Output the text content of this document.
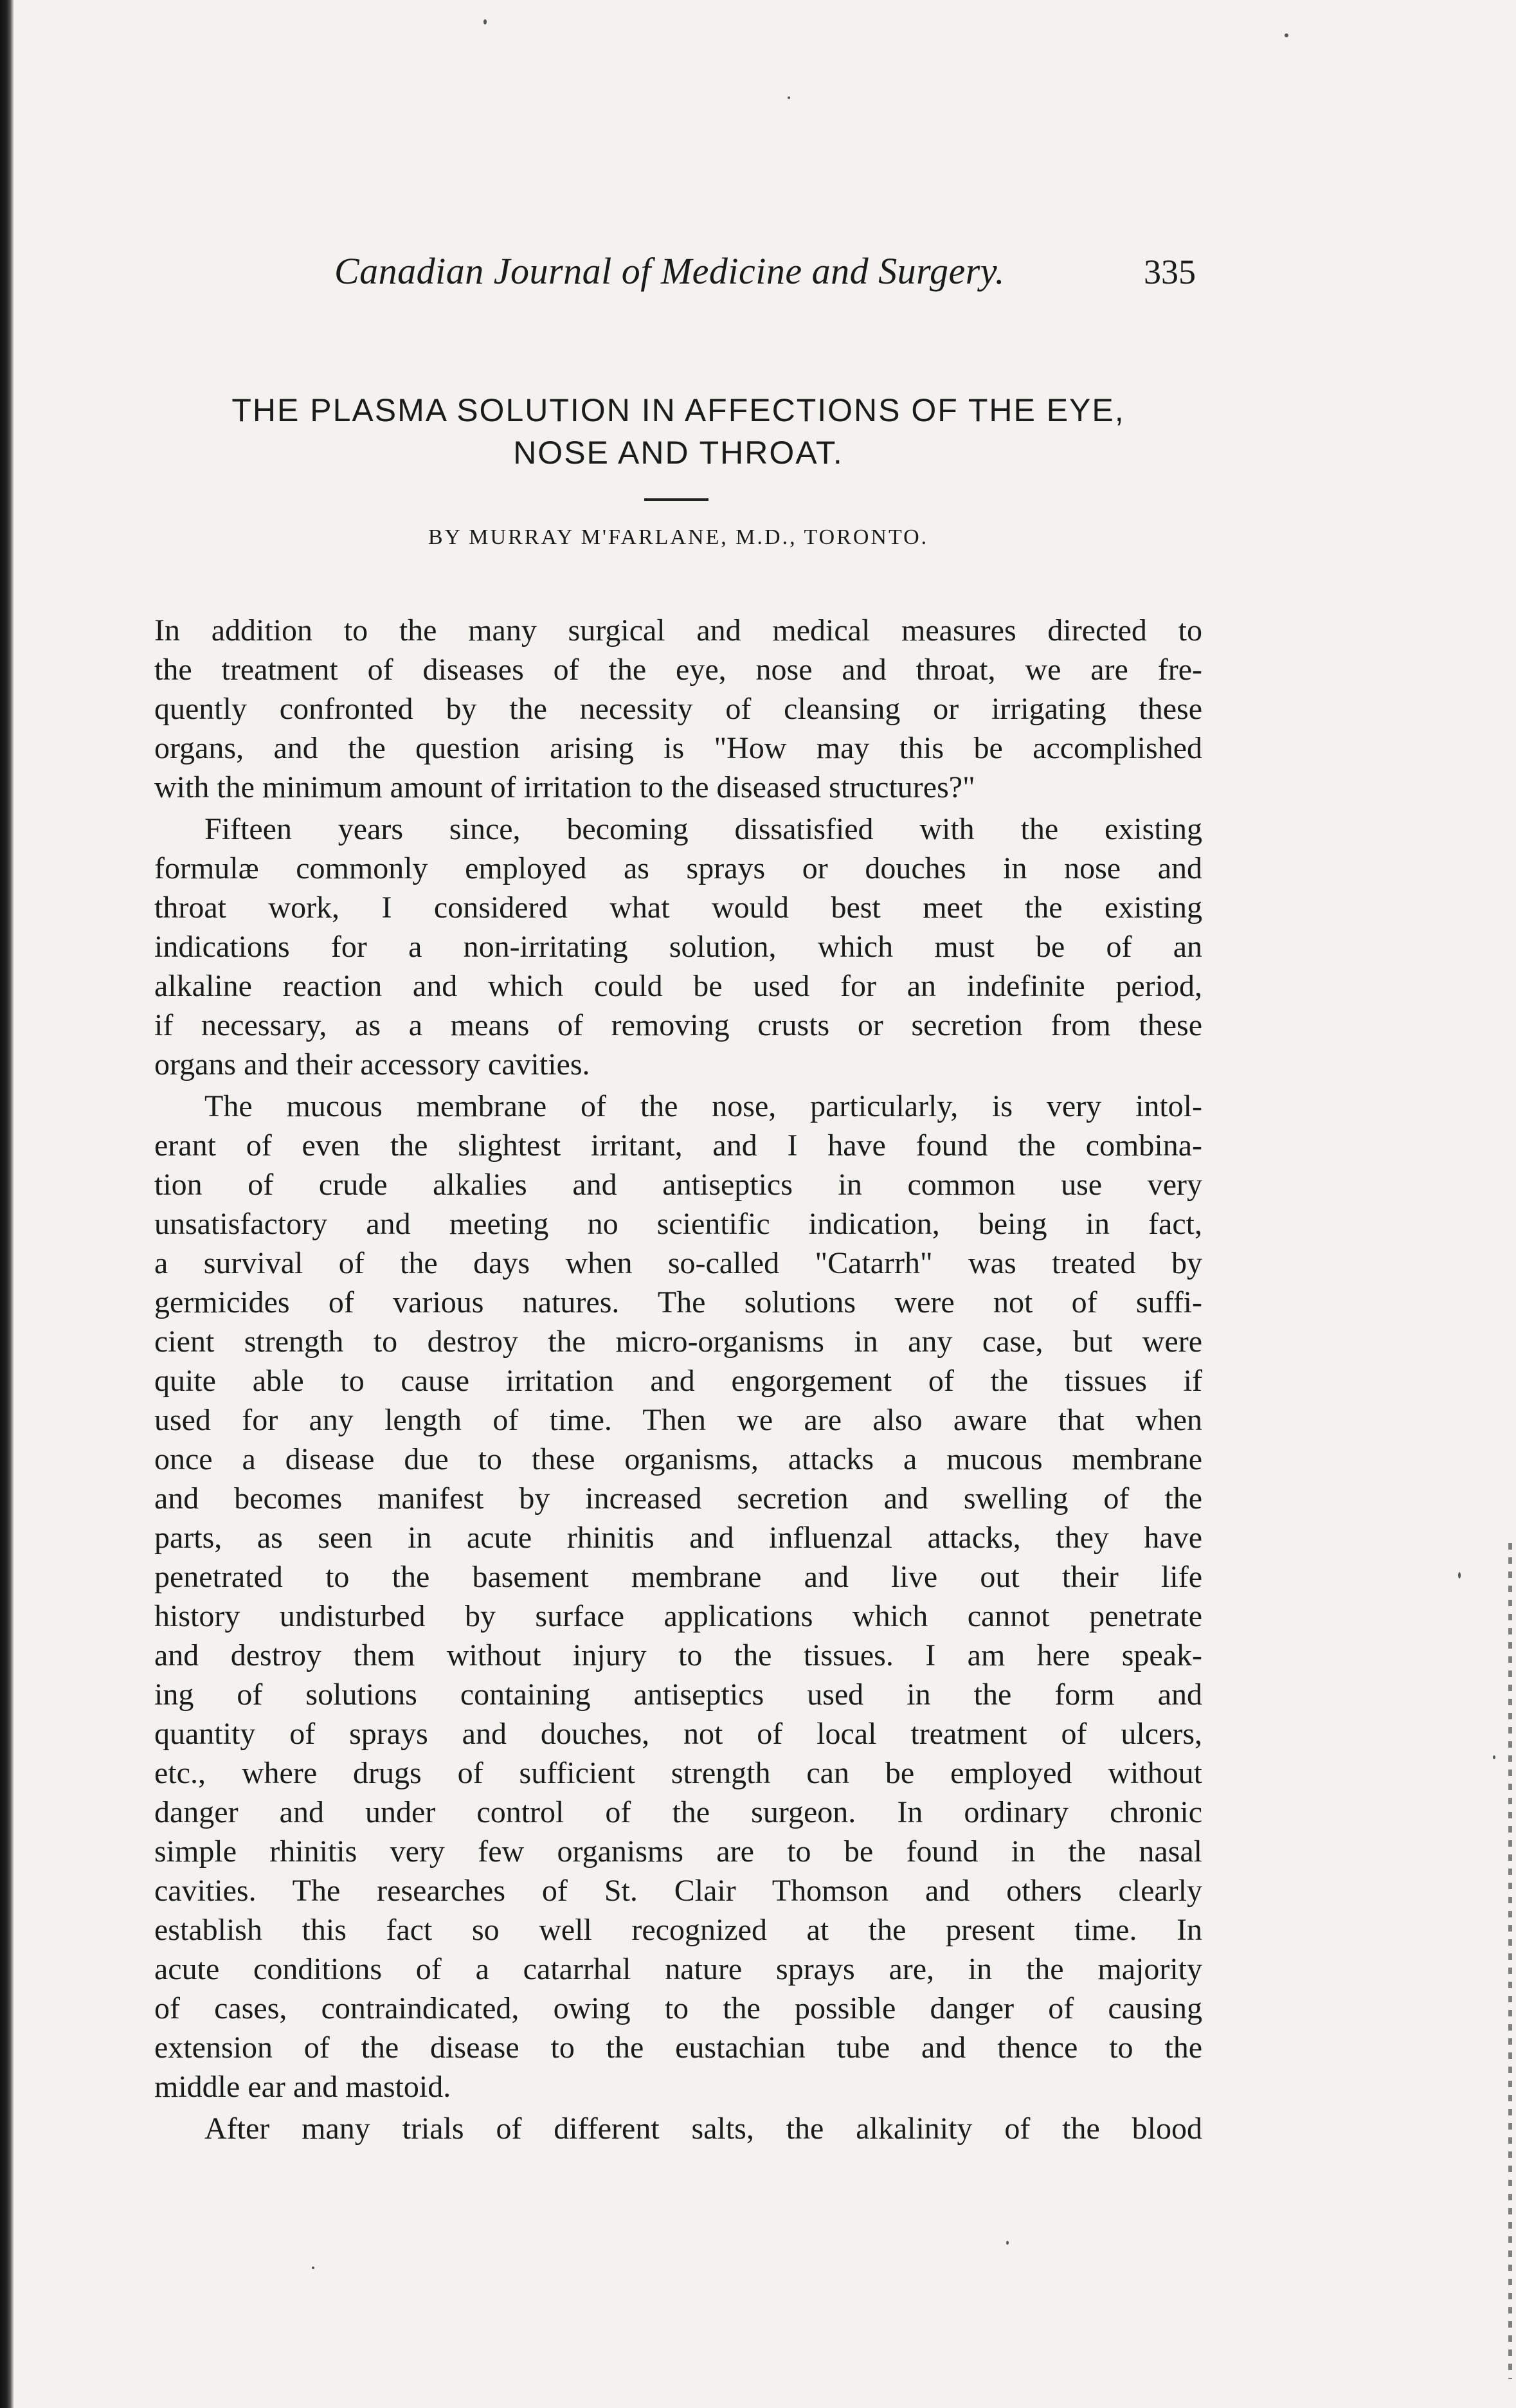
Canadian Journal of Medicine and Surgery.	335
THE PLASMA SOLUTION IN AFFECTIONS OF THE EYE,
NOSE AND THROAT.
BY MURRAY M'FARLANE, M.D., TORONTO.
In addition to the many surgical and medical measures directed to
the treatment of diseases of the eye, nose and throat, we are fre-
quently confronted by the necessity of cleansing or irrigating these
organs, and the question arising is "How may this be accomplished
with the minimum amount of irritation to the diseased structures?"
Fifteen years since, becoming dissatisfied with the existing
formulæ commonly employed as sprays or douches in nose and
throat work, I considered what would best meet the existing
indications for a non-irritating solution, which must be of an
alkaline reaction and which could be used for an indefinite period,
if necessary, as a means of removing crusts or secretion from these
organs and their accessory cavities.
The mucous membrane of the nose, particularly, is very intol-
erant of even the slightest irritant, and I have found the combina-
tion of crude alkalies and antiseptics in common use very
unsatisfactory and meeting no scientific indication, being in fact,
a survival of the days when so-called "Catarrh" was treated by
germicides of various natures. The solutions were not of suffi-
cient strength to destroy the micro-organisms in any case, but were
quite able to cause irritation and engorgement of the tissues if
used for any length of time. Then we are also aware that when
once a disease due to these organisms, attacks a mucous membrane
and becomes manifest by increased secretion and swelling of the
parts, as seen in acute rhinitis and influenzal attacks, they have
penetrated to the basement membrane and live out their life
history undisturbed by surface applications which cannot penetrate
and destroy them without injury to the tissues. I am here speak-
ing of solutions containing antiseptics used in the form and
quantity of sprays and douches, not of local treatment of ulcers,
etc., where drugs of sufficient strength can be employed without
danger and under control of the surgeon. In ordinary chronic
simple rhinitis very few organisms are to be found in the nasal
cavities. The researches of St. Clair Thomson and others clearly
establish this fact so well recognized at the present time. In
acute conditions of a catarrhal nature sprays are, in the majority
of cases, contraindicated, owing to the possible danger of causing
extension of the disease to the eustachian tube and thence to the
middle ear and mastoid.
After many trials of different salts, the alkalinity of the blood
